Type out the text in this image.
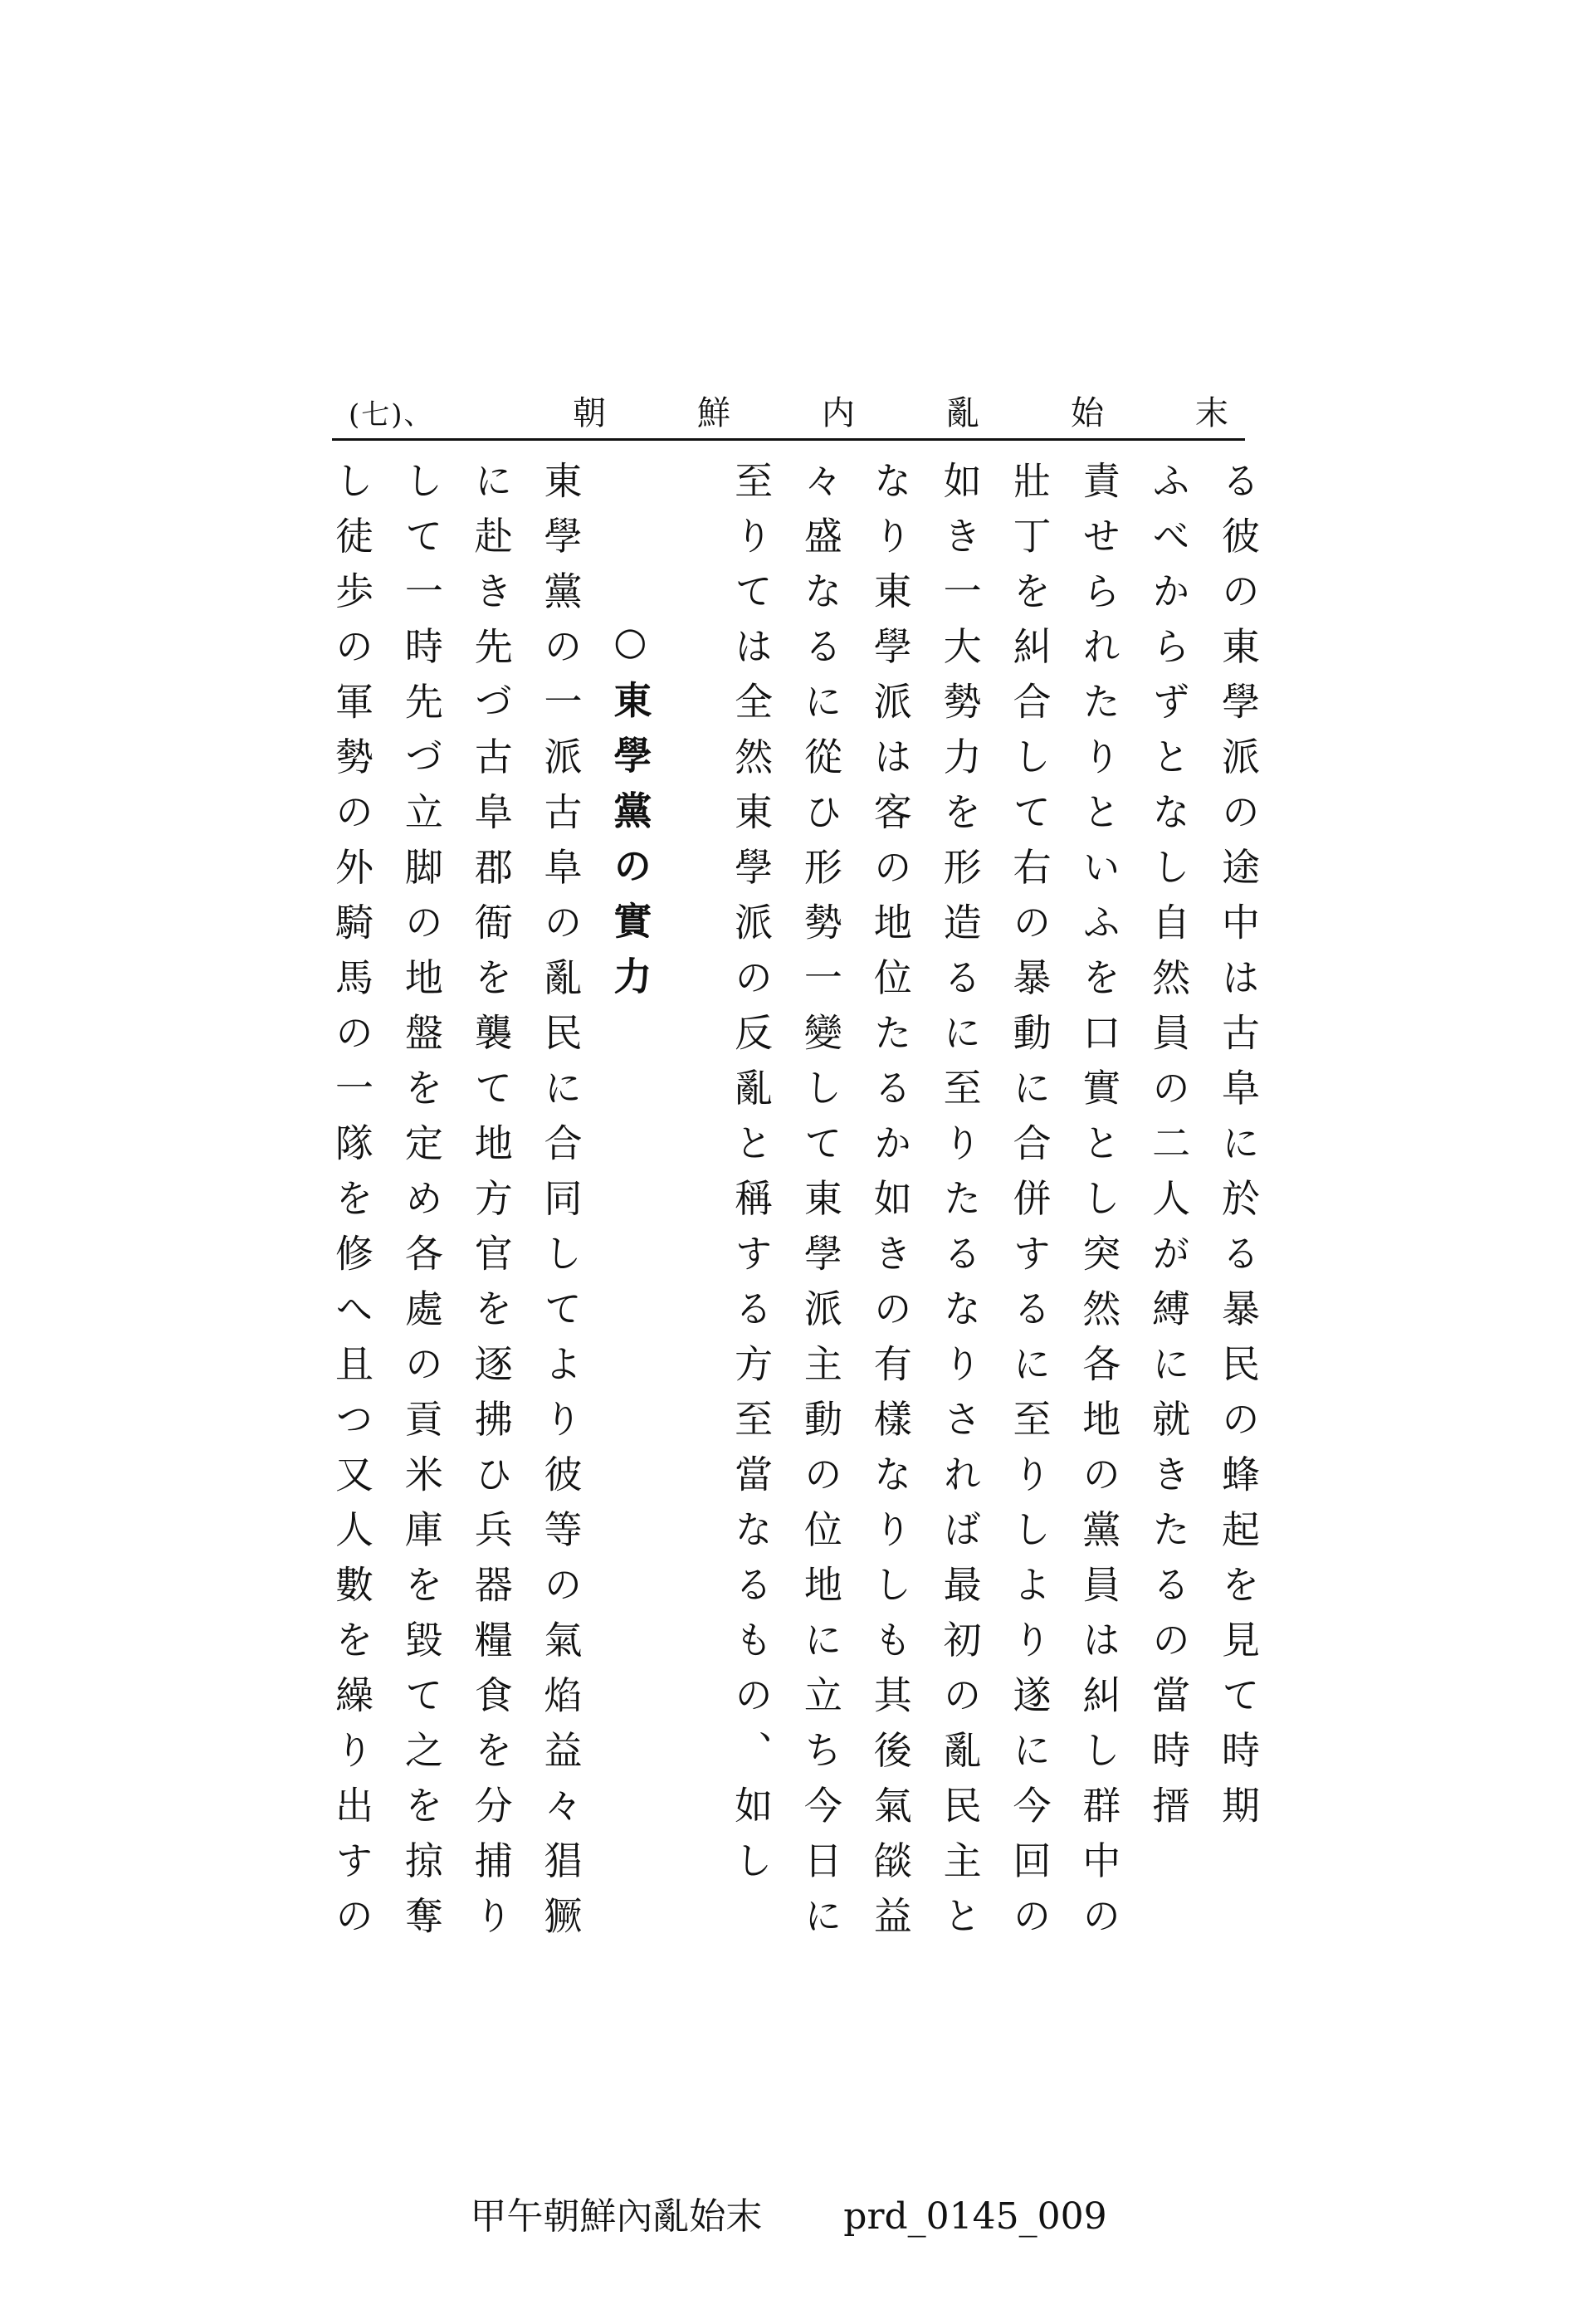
(七)、	朝鮮内亂始末
る彼の東學派の途中は古阜に於る暴民の蜂起を見て時期
ふべからずとなし自然員の二人が縛に就きたるの當時搢
責せられたりといふを口實とし突然各地の黨員は糾し群中の
壯丁を糾合して右の暴動に合併するに至りしより遂に今回の
如き一大勢力を形造るに至りたるなりされば最初の亂民主と
なり東學派は客の地位たるか如きの有樣なりしも其後氣燄益
々盛なるに從ひ形勢一變して東學派主動の位地に立ち今日に
至りては全然東學派の反亂と稱する方至當なるもの、如し
○東學黨の實力
東學黨の一派古阜の亂民に合同してより彼等の氣焰益々猖獗
に赴き先づ古阜郡衙を襲て地方官を逐拂ひ兵器糧食を分捕り
して一時先づ立脚の地盤を定め各處の貢米庫を毀て之を掠奪
し徒歩の軍勢の外騎馬の一隊を修へ且つ又人數を繰り出すの
甲午朝鮮內亂始末 prd_0145_009
